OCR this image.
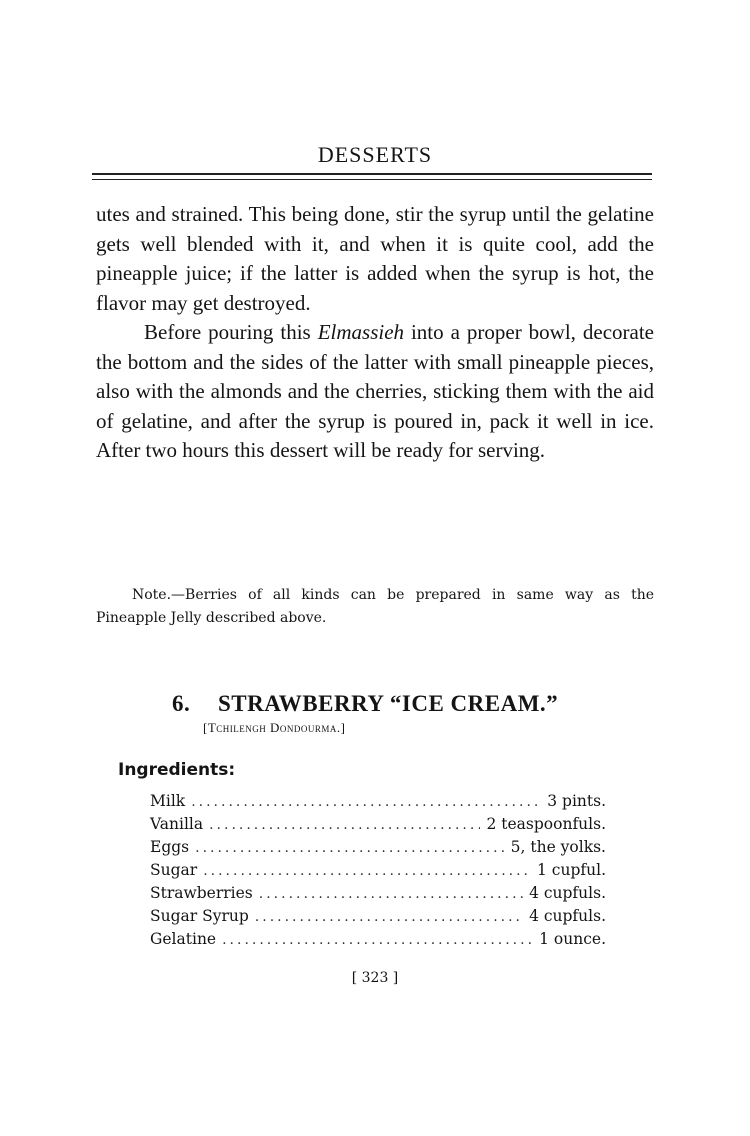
DESSERTS

utes and strained. This being done, stir the syrup until the gelatine gets well blended with it, and when it is quite cool, add the pineapple juice; if the latter is added when the syrup is hot, the flavor may get destroyed.

Before pouring this Elmassieh into a proper bowl, decorate the bottom and the sides of the latter with small pineapple pieces, also with the almonds and the cherries, sticking them with the aid of gelatine, and after the syrup is poured in, pack it well in ice. After two hours this dessert will be ready for serving.

Note.—Berries of all kinds can be prepared in same way as the Pineapple Jelly described above.

6. STRAWBERRY “ICE CREAM.”
[Tchilengh Dondourma.]
Ingredients:
Milk .....	3 pints.
Vanilla .....	2 teaspoonfuls.
Eggs .....	5, the yolks.
Sugar .....	1 cupful.
Strawberries .....	4 cupfuls.
Sugar Syrup .....	4 cupfuls.
Gelatine .....	1 ounce.
[ 323 ]
